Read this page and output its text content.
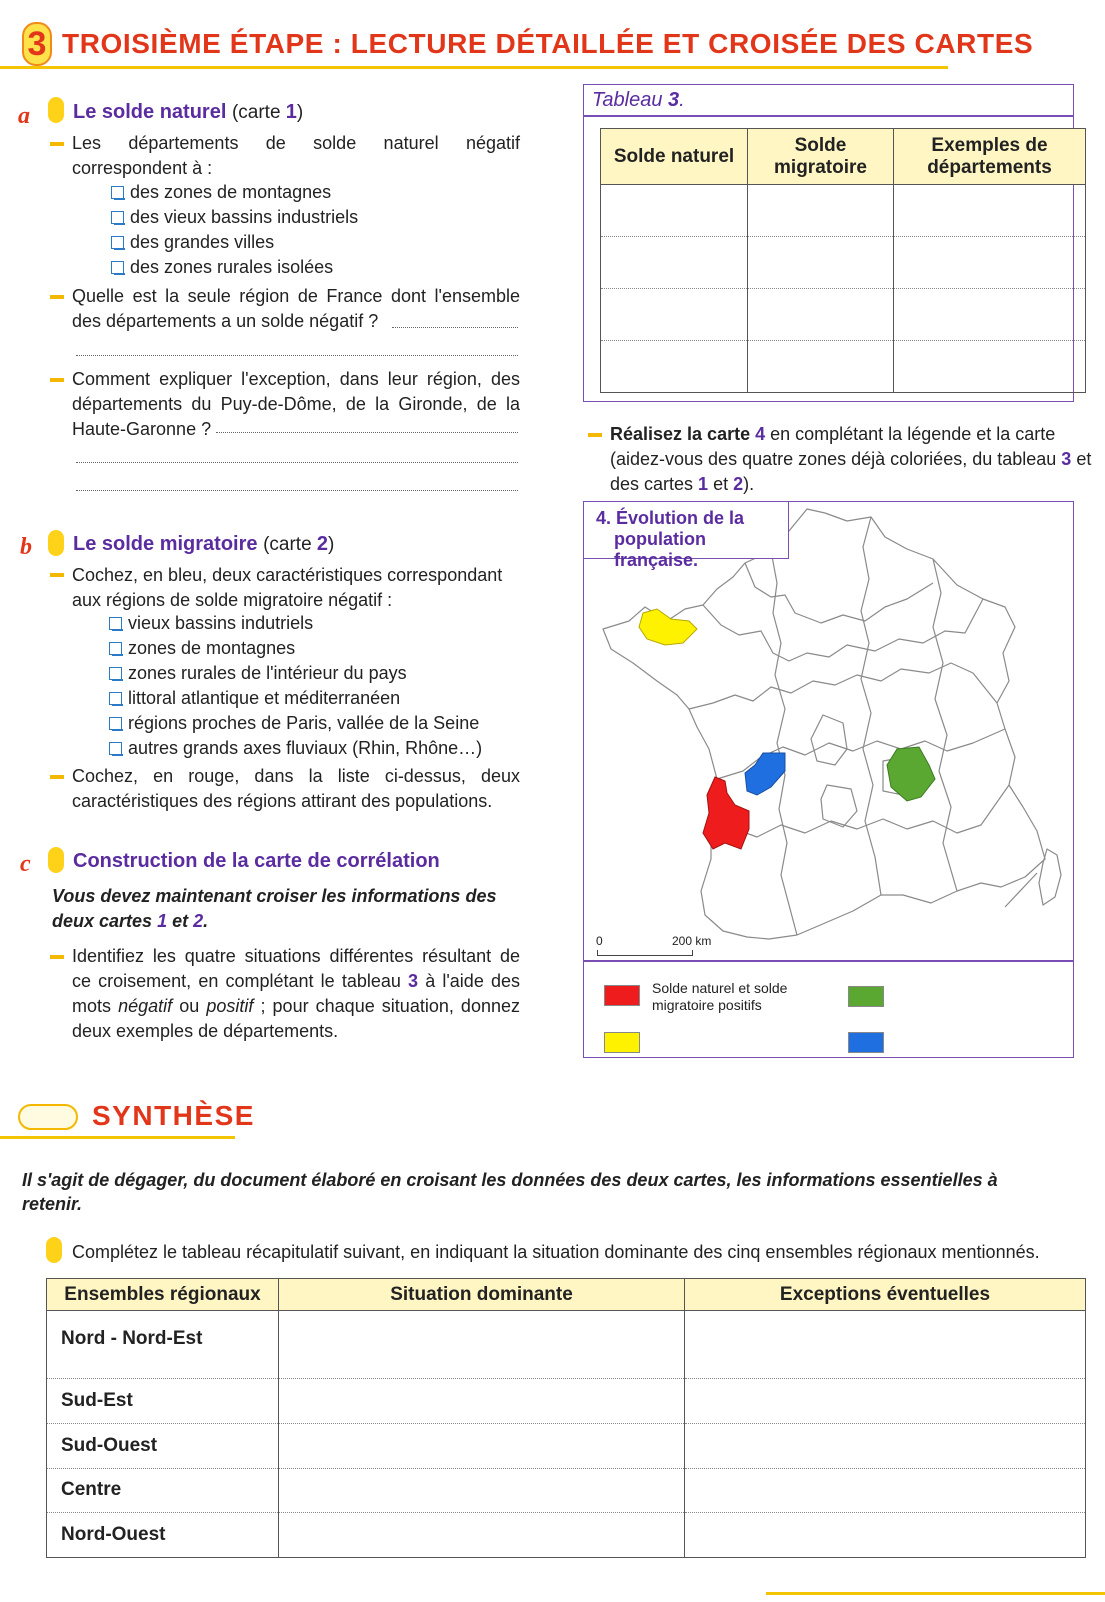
3 TROISIÈME ÉTAPE : LECTURE DÉTAILLÉE ET CROISÉE DES CARTES
a Le solde naturel (carte 1)
Les départements de solde naturel négatif correspondent à :
des zones de montagnes
des vieux bassins industriels
des grandes villes
des zones rurales isolées
Quelle est la seule région de France dont l'ensemble des départements a un solde négatif ?
Comment expliquer l'exception, dans leur région, des départements du Puy-de-Dôme, de la Gironde, de la Haute-Garonne ?
b Le solde migratoire (carte 2)
Cochez, en bleu, deux caractéristiques correspondant aux régions de solde migratoire négatif :
vieux bassins indutriels
zones de montagnes
zones rurales de l'intérieur du pays
littoral atlantique et méditerranéen
régions proches de Paris, vallée de la Seine
autres grands axes fluviaux (Rhin, Rhône…)
Cochez, en rouge, dans la liste ci-dessus, deux caractéristiques des régions attirant des populations.
c Construction de la carte de corrélation
Vous devez maintenant croiser les informations des deux cartes 1 et 2.
Identifiez les quatre situations différentes résultant de ce croisement, en complétant le tableau 3 à l'aide des mots négatif ou positif ; pour chaque situation, donnez deux exemples de départements.
Tableau 3.
Solde naturel	Solde migratoire	Exemples de départements

Réalisez la carte 4 en complétant la légende et la carte (aidez-vous des quatre zones déjà coloriées, du tableau 3 et des cartes 1 et 2).
4. Évolution de la
population française.
0	200 km
Solde naturel et solde migratoire positifs
SYNTHÈSE
Il s'agit de dégager, du document élaboré en croisant les données des deux cartes, les informations essentielles à retenir.
Complétez le tableau récapitulatif suivant, en indiquant la situation dominante des cinq ensembles régionaux mentionnés.
Ensembles régionaux	Situation dominante	Exceptions éventuelles
Nord - Nord-Est		
Sud-Est		
Sud-Ouest		
Centre		
Nord-Ouest		
